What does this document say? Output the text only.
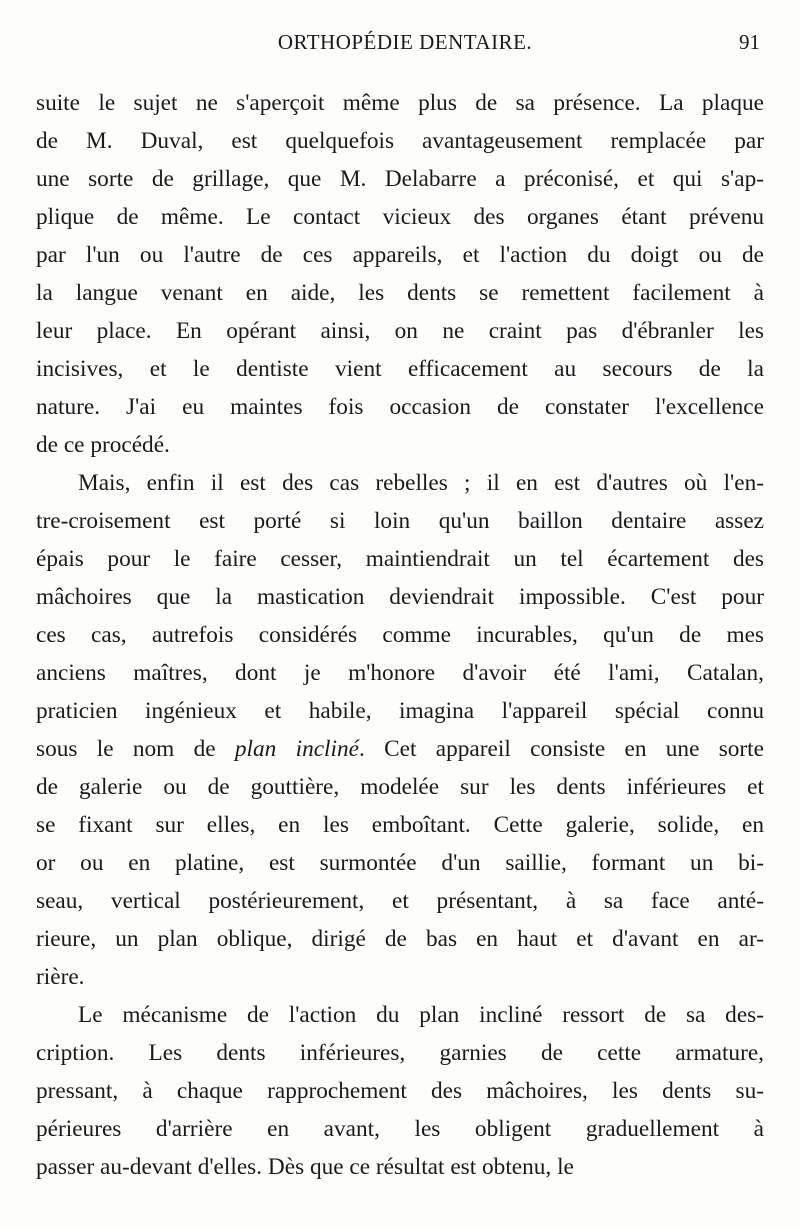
ORTHOPÉDIE DENTAIRE.	91
suite le sujet ne s'aperçoit même plus de sa présence. La plaque
de M. Duval, est quelquefois avantageusement remplacée par
une sorte de grillage, que M. Delabarre a préconisé, et qui s'ap-
plique de même. Le contact vicieux des organes étant prévenu
par l'un ou l'autre de ces appareils, et l'action du doigt ou de
la langue venant en aide, les dents se remettent facilement à
leur place. En opérant ainsi, on ne craint pas d'ébranler les
incisives, et le dentiste vient efficacement au secours de la
nature. J'ai eu maintes fois occasion de constater l'excellence
de ce procédé.
Mais, enfin il est des cas rebelles ; il en est d'autres où l'en-
tre-croisement est porté si loin qu'un baillon dentaire assez
épais pour le faire cesser, maintiendrait un tel écartement des
mâchoires que la mastication deviendrait impossible. C'est pour
ces cas, autrefois considérés comme incurables, qu'un de mes
anciens maîtres, dont je m'honore d'avoir été l'ami, Catalan,
praticien ingénieux et habile, imagina l'appareil spécial connu
sous le nom de plan incliné. Cet appareil consiste en une sorte
de galerie ou de gouttière, modelée sur les dents inférieures et
se fixant sur elles, en les emboîtant. Cette galerie, solide, en
or ou en platine, est surmontée d'un saillie, formant un bi-
seau, vertical postérieurement, et présentant, à sa face anté-
rieure, un plan oblique, dirigé de bas en haut et d'avant en ar-
rière.
Le mécanisme de l'action du plan incliné ressort de sa des-
cription. Les dents inférieures, garnies de cette armature,
pressant, à chaque rapprochement des mâchoires, les dents su-
périeures d'arrière en avant, les obligent graduellement à
passer au-devant d'elles. Dès que ce résultat est obtenu, le
